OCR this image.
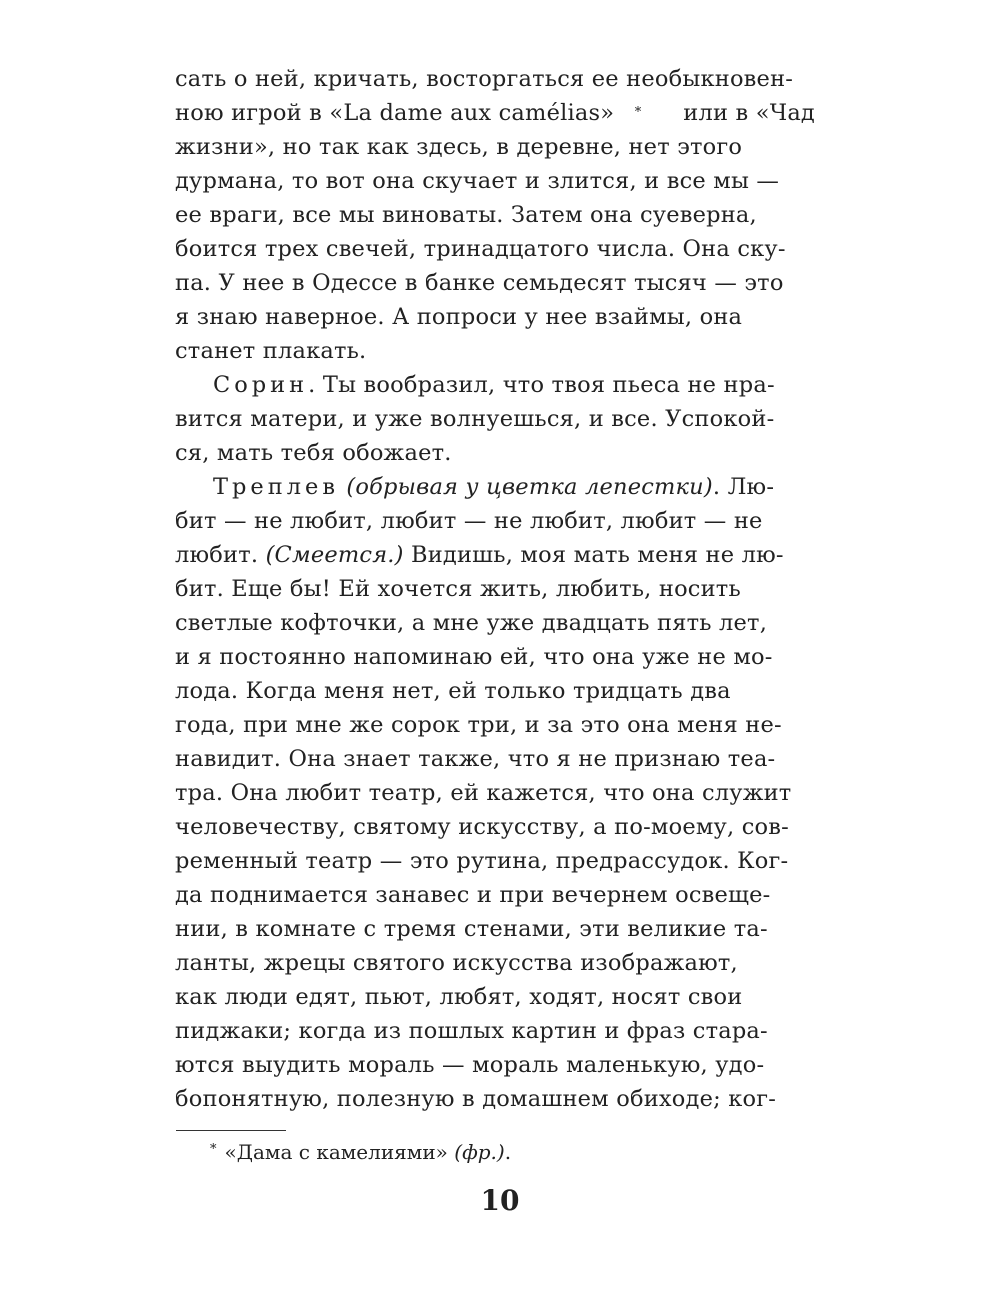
сать о ней, кричать, восторгаться ее необыкновен-
ною игрой в «La dame aux camélias» * или в «Чад
жизни», но так как здесь, в деревне, нет этого
дурмана, то вот она скучает и злится, и все мы —
ее враги, все мы виноваты. Затем она суеверна,
боится трех свечей, тринадцатого числа. Она ску-
па. У нее в Одессе в банке семьдесят тысяч — это
я знаю наверное. А попроси у нее взаймы, она
станет плакать.
Сорин . Ты вообразил, что твоя пьеса не нра-
вится матери, и уже волнуешься, и все. Успокой-
ся, мать тебя обожает.
Треплев
(обрывая у цветка лепестки) . Лю-
бит — не любит, любит — не любит, любит — не
любит. (Смеется.) Видишь, моя мать меня не лю-
бит. Еще бы! Ей хочется жить, любить, носить
светлые кофточки, а мне уже двадцать пять лет,
и я постоянно напоминаю ей, что она уже не мо-
лода. Когда меня нет, ей только тридцать два
года, при мне же сорок три, и за это она меня не-
навидит. Она знает также, что я не признаю теа-
тра. Она любит театр, ей кажется, что она служит
человечеству, святому искусству, а по-моему, сов-
ременный театр — это рутина, предрассудок. Ког-
да поднимается занавес и при вечернем освеще-
нии, в комнате с тремя стенами, эти великие та-
ланты, жрецы святого искусства изображают,
как люди едят, пьют, любят, ходят, носят свои
пиджаки; когда из пошлых картин и фраз стара-
ются выудить мораль — мораль маленькую, удо-
бопонятную, полезную в домашнем обиходе; ког-
* «Дама с камелиями» (фр.).
10
